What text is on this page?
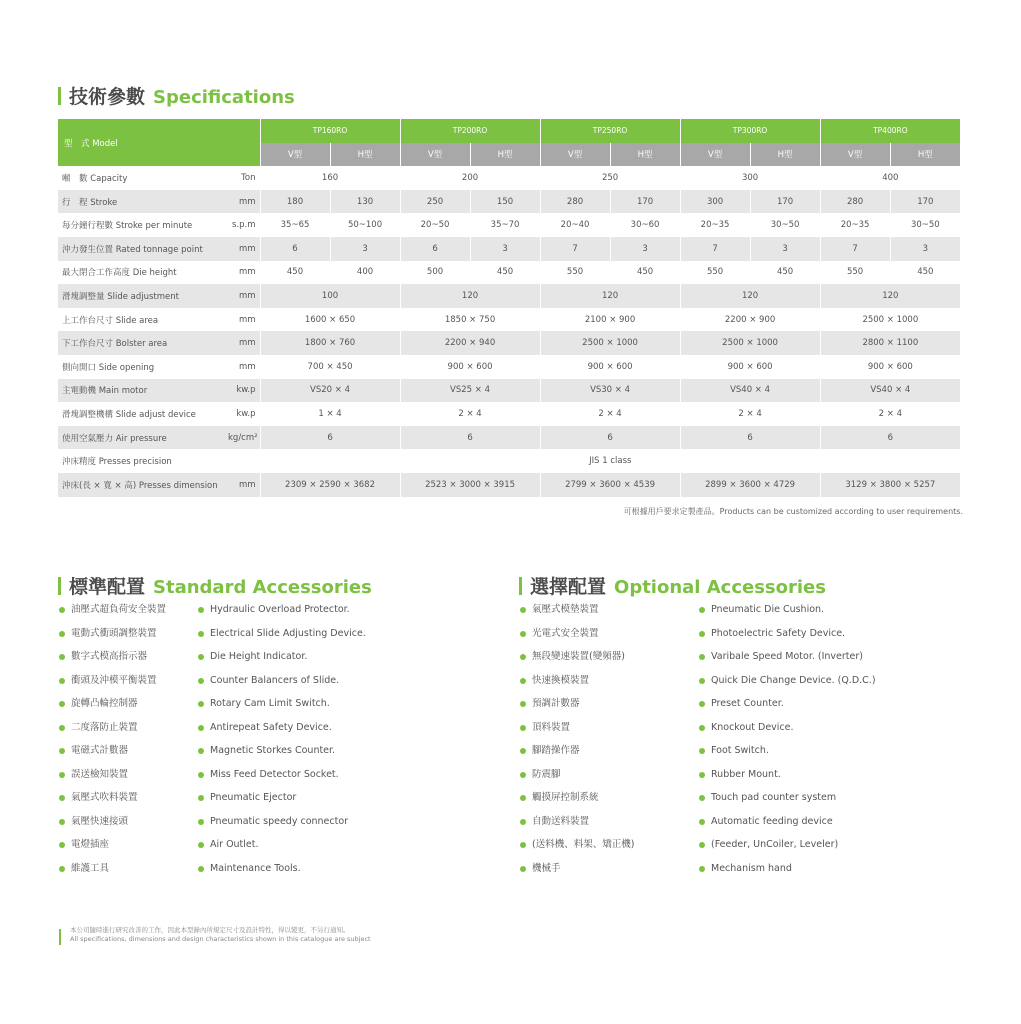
技術參數 Specifications
型　式 Model		TP160RO		TP200RO		TP250RO		TP300RO		TP400RO	
		V型	H型	V型	H型	V型	H型	V型	H型	V型	H型
噸　數 Capacity	Ton	160		200		250		300		400	
行　程 Stroke	mm	180	130	250	150	280	170	300	170	280	170
每分鐘行程數 Stroke per minute	s.p.m	35~65	50~100	20~50	35~70	20~40	30~60	20~35	30~50	20~35	30~50
沖力發生位置 Rated tonnage point	mm	6	3	6	3	7	3	7	3	7	3
最大閉合工作高度 Die height	mm	450	400	500	450	550	450	550	450	550	450
滑塊調整量 Slide adjustment	mm	100		120		120		120		120	
上工作台尺寸 Slide area	mm	1600 × 650		1850 × 750		2100 × 900		2200 × 900		2500 × 1000	
下工作台尺寸 Bolster area	mm	1800 × 760		2200 × 940		2500 × 1000		2500 × 1000		2800 × 1100	
側向開口 Side opening	mm	700 × 450		900 × 600		900 × 600		900 × 600		900 × 600	
主電動機 Main motor	kw.p	VS20 × 4		VS25 × 4		VS30 × 4		VS40 × 4		VS40 × 4	
滑塊調整機構 Slide adjust device	kw.p	1 × 4		2 × 4		2 × 4		2 × 4		2 × 4	
使用空氣壓力 Air pressure	kg/cm²	6		6		6		6		6	
沖床精度 Presses precision		JIS 1 class									
沖床(長 × 寬 × 高) Presses dimension	mm	2309 × 2590 × 3682		2523 × 3000 × 3915		2799 × 3600 × 4539		2899 × 3600 × 4729		3129 × 3800 × 5257	
可根據用戶要求定製產品。Products can be customized according to user requirements.
標準配置 Standard Accessories	選擇配置 Optional Accessories
油壓式超負荷安全裝置
電動式衝頭調整裝置
數字式模高指示器
衝頭及沖模平衡裝置
旋轉凸輪控制器
二度落防止裝置
電磁式計數器
誤送檢知裝置
氣壓式吹料裝置
氣壓快速接頭
電燈插座
維護工具
Hydraulic Overload Protector.
Electrical Slide Adjusting Device.
Die Height Indicator.
Counter Balancers of Slide.
Rotary Cam Limit Switch.
Antirepeat Safety Device.
Magnetic Storkes Counter.
Miss Feed Detector Socket.
Pneumatic Ejector
Pneumatic speedy connector
Air Outlet.
Maintenance Tools.
氣壓式模墊裝置
光電式安全裝置
無段變速裝置(變頻器)
快速換模裝置
預調計數器
頂料裝置
腳踏操作器
防震腳
觸摸屏控制系統
自動送料裝置
(送料機、料架、矯正機)
機械手
Pneumatic Die Cushion.
Photoelectric Safety Device.
Varibale Speed Motor. (Inverter)
Quick Die Change Device. (Q.D.C.)
Preset Counter.
Knockout Device.
Foot Switch.
Rubber Mount.
Touch pad counter system
Automatic feeding device
(Feeder, UnCoiler, Leveler)
Mechanism hand
本公司隨時進行研究改善的工作，因此本型錄內所規定尺寸及設計特性，得以變更，不另行通知。
All specifications, dimensions and design characteristics shown in this catalogue are subject
